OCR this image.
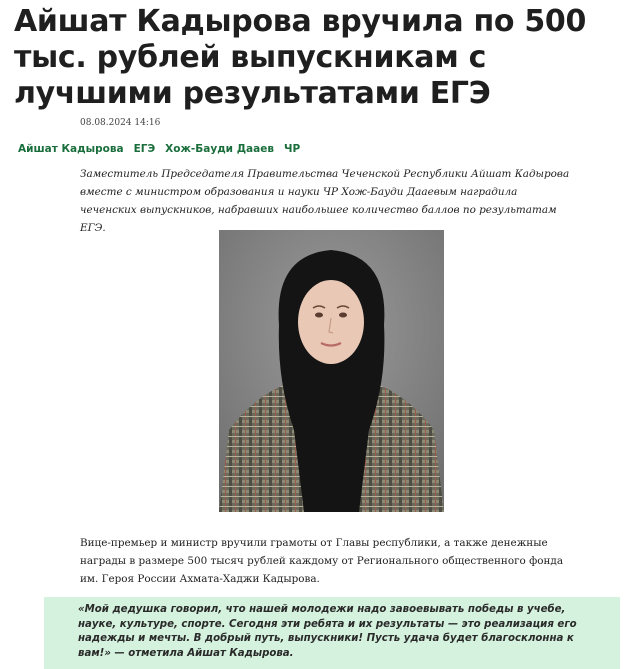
Айшат Кадырова вручила по 500 тыс. рублей выпускникам с лучшими результатами ЕГЭ
08.08.2024 14:16
Айшат Кадырова ЕГЭ Хож-Бауди Дааев ЧР

Заместитель Председателя Правительства Чеченской Республики Айшат Кадырова вместе с министром образования и науки ЧР Хож-Бауди Дааевым наградила чеченских выпускников, набравших наибольшее количество баллов по результатам ЕГЭ.

Вице-премьер и министр вручили грамоты от Главы республики, а также денежные награды в размере 500 тысяч рублей каждому от Регионального общественного фонда им. Героя России Ахмата-Хаджи Кадырова.

«Мой дедушка говорил, что нашей молодежи надо завоевывать победы в учебе, науке, культуре, спорте. Сегодня эти ребята и их результаты — это реализация его надежды и мечты. В добрый путь, выпускники! Пусть удача будет благосклонна к вам!» — отметила Айшат Кадырова.
